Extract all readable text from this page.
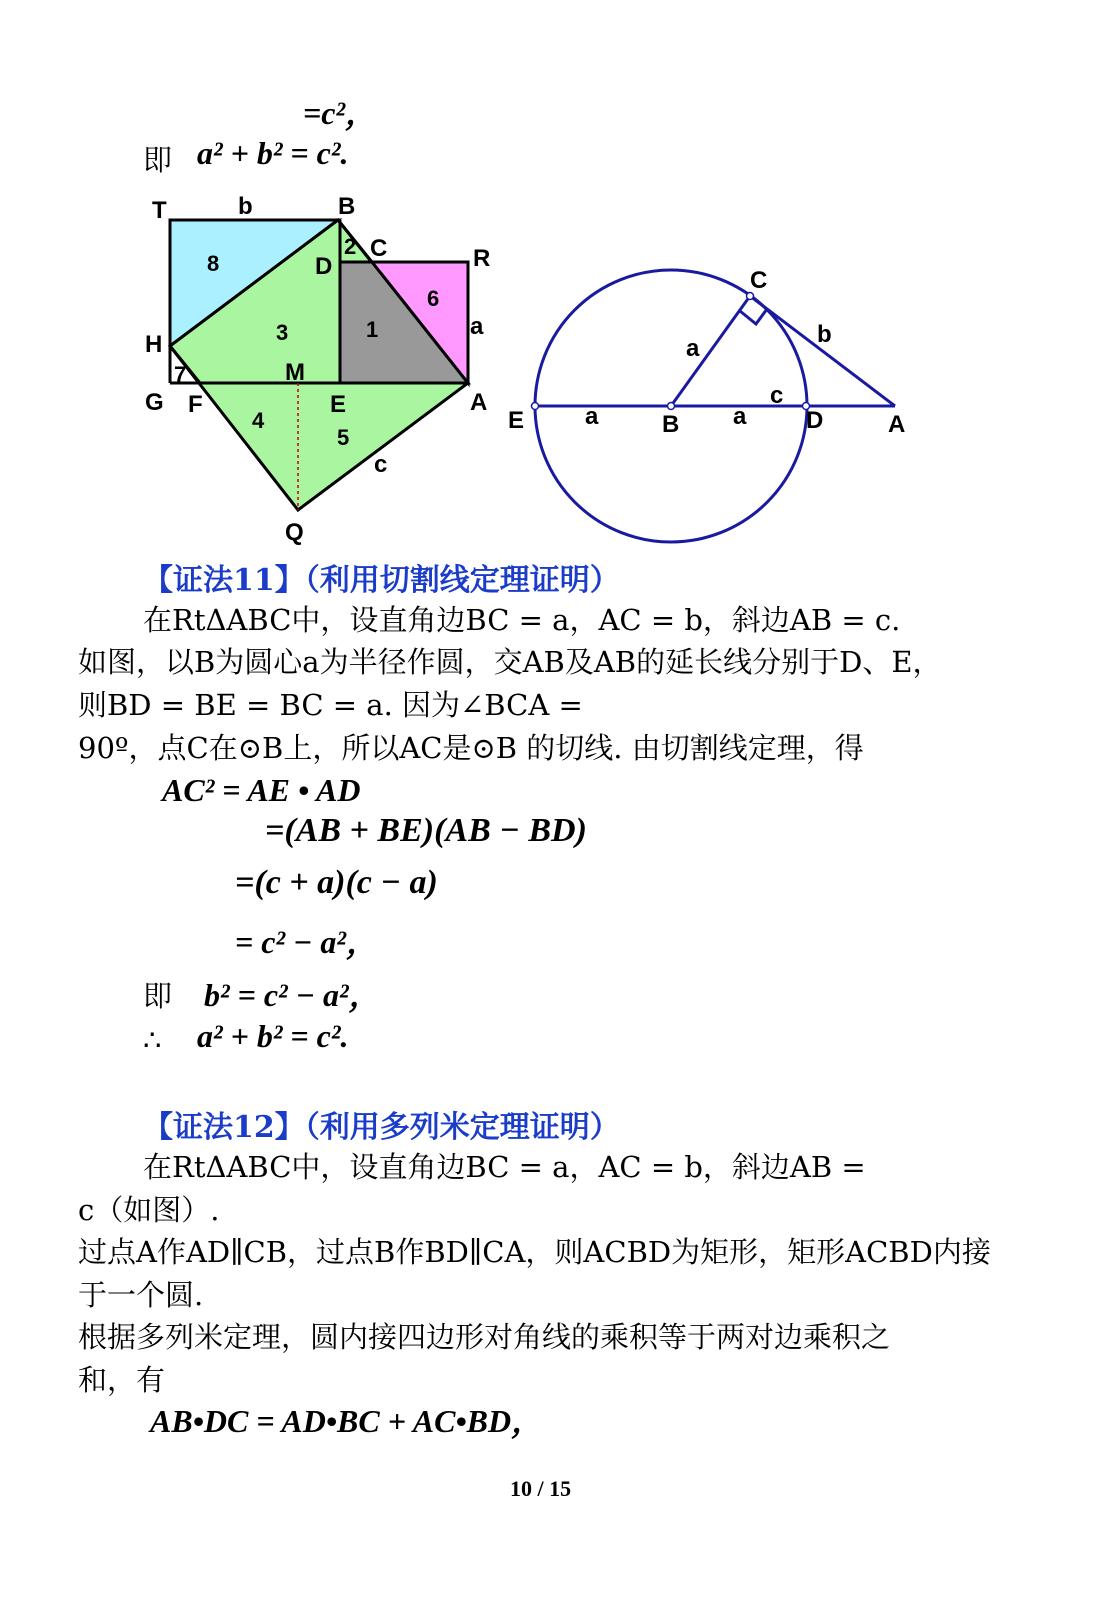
=c²，
即 a² + b² = c².
T	B
C	R
D
H
G F
M
E	A
Q
b
a
c
8
2
6
3	1
7
4
5
C
E	B	D	A
a
b
a	a
c
【证法11】（利用切割线定理证明）
在RtΔABC中，设直角边BC = a，AC = b，斜边AB = c.
如图，以B为圆心a为半径作圆，交AB及AB的延长线分别于D、E，
则BD = BE = BC = a. 因为∠BCA =
90º，点C在⊙B上，所以AC是⊙B 的切线. 由切割线定理，得
AC² = AE • AD
=(AB + BE)(AB − BD)
=(c + a)(c − a)
= c² − a²，
即 b² = c² − a²，
∴ a² + b² = c².
【证法12】（利用多列米定理证明）
在RtΔABC中，设直角边BC = a，AC = b，斜边AB =
c（如图）.
过点A作AD∥CB，过点B作BD∥CA，则ACBD为矩形，矩形ACBD内接
于一个圆.
根据多列米定理，圆内接四边形对角线的乘积等于两对边乘积之
和，有
AB•DC = AD•BC + AC•BD，
10 / 15
